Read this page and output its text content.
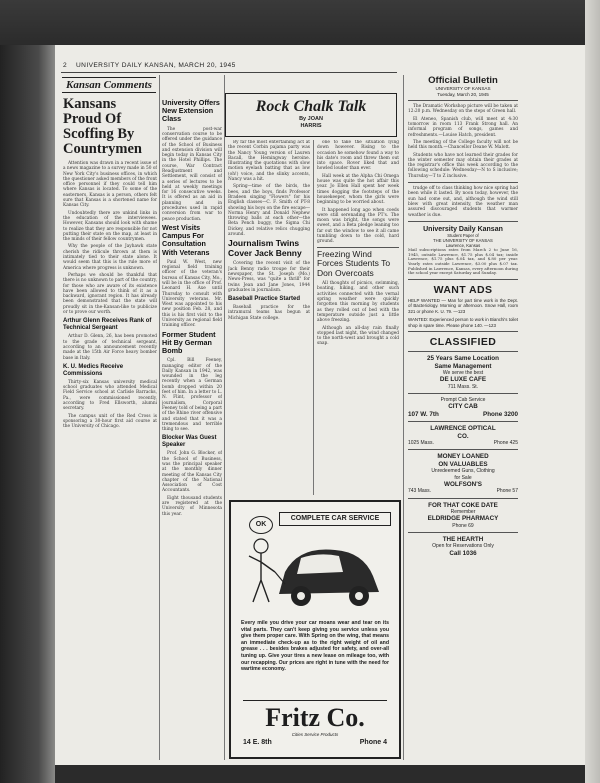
2 UNIVERSITY DAILY KANSAN, MARCH 20, 1945
Kansan Comments
Kansans Proud Of Scoffing By Countrymen

Attention was drawn in a recent issue of a news magazine to a survey made in 50 of New York City's business offices, in which the questioner asked members of the front office personnel if they could tell him where Kansas is located. To some of the easterners, Kansas is a person, others felt sure that Kansas is a shortened name for Kansas City.

Undoubtedly there are unkind links in the education of the interviewees. However, Kansans should look with shame to realize that they are responsible for not putting their state on the map, at least in the minds of their fellow countrymen.

Why the people of the Jayhawk state cherish the ridicule thrown at them is intimately tied to their state alone. It would seem that this is the rule more of America where progress is unknown.

Perhaps we should be thankful that there is no unknown to part of the country, for those who are aware of its existence have been allowed to think of it as a backward, ignorant region. It has already been demonstrated that the state will proudly sit in the-Kansan-like to publicize or to prove our worth.

Arthur Glenn Receives Rank of Technical Sergeant

Arthur D. Glenn, 26, has been promoted to the grade of technical sergeant, according to an announcement recently made at the 15th Air Force heavy bomber base in Italy.

K. U. Medics Receive Commissions

Thirty-six Kansas university medical school graduates who attended Medical Field Service school at Carlisle Barracks, Pa., were commissioned recently, according to Fred Ellsworth, alumni secretary.

The campus unit of the Red Cross is sponsoring a 30-hour first aid course at the University of Chicago.

University Offers New Extension Class

The post-war conservation course to be offered under the guidance of the School of Business and extension division will begin today in Kansas City in the Hotel Phillips. The course, War Contract Readjustment and Settlement, will consist of a series of lectures to be held at weekly meetings for 16 consecutive weeks. It is offered as an aid in planning and in procedures used in rapid conversion from war to peace production.

West Visits Campus For Consultation With Veterans

Paul W. West, new regional field training officer of the veteran's bureau of Kansas City, Mo., will be in the office of Prof. Leonard H. Axe until Thursday to consult with University veterans. Mr. West was appointed to his new position Feb. 28, and this is his first visit to the University as regional field training officer.

Former Student Hit By German Bomb

Cpl. Bill Feeney, managing editor of the Daily Kansan in 1942, was wounded in the leg recently when a German bomb dropped within 20 feet of him. In a letter to L. N. Flint, professor of journalism, Corporal Feeney told of being a part of the Rhine river offensive and stated that it was a tremendous and terrible thing to see.

Blocker Was Guest Speaker

Prof. John G. Blocker, of the School of Business, was the principal speaker at the monthly dinner meeting of the Kansas City chapter of the National Association of Cost Accountants.

Eight thousand students are registered at the University of Minnesota this year.

Rock Chalk Talk
By JOAN
HARRIS

By far the most entertaining act at the recent Corbin pajama party was the Nancy Young version of Lauren Bacall, the Hemingway heroine. Illustrating the quotations with slow motion eyelash batting that as low (oh!) voice, and the slinky accents, Nancy was a hit.

Spring—time of the birds, the bees, and the boys, finds Professor Bradeen singing "Flowers" for his English classes—C. F. Smith of PT-8 showing his boys on the fire escape—Norma Henry and Donald Nephew throwing balls at each other—the Beta Pench buggy, the Sigma Chi Dickey, and relative relics chugging around.

Journalism Twins Cover Jack Benny

Covering the recent visit of the Jack Benny radio troupe for their newspaper, the St. Joseph (Mo.) News-Press, was "quite a thrill" for twins Jean and Jane Jones, 1944 graduates in journalism.

Baseball Practice Started

Baseball practice for the intramural teams has begun at Michigan State college.

one to take the situation lying down however. Rising to the occasion he somehow found a way to his date's room and threw them out into space. Rover liked that and howled louder than ever.

Hall week at the Alpha Chi Omega house was quite the hot affair this year. Jo Ellen Hall spent her week times dogging the footsteps of the housekeeper, whom the girls were beginning to be worried about.

It happened long ago when coeds were still serenading the PT's. The moon was bright, the songs were sweet, and a Beta pledge leaning too far out the window to see it all came tumbling down to the cold, hard ground.

Freezing Wind Forces Students To Don Overcoats

All thoughts of picnics, swimming, boating, hiking, and other such activities connected with the vernal spring weather were quickly forgotten this morning by students as they rolled out of bed with the temperature outside just a little above freezing.

Although an all-day rain finally stopped last night, the wind changed to the north-west and brought a cold snap.

OK
COMPLETE CAR SERVICE
Every mile you drive your car moans wear and tear on its vital parts. They can't keep giving you service unless you give them proper care. With Spring on the wing, that means an immediate check-up as to the right weight of oil and grease . . . besides brakes adjusted for safety, and over-all tuning up. Give your tires a new lease on mileage too, with our recapping. Our prices are right in tune with the need for wartime economy.
Fritz Co.
Cities Service Products
14 E. 8th	Phone 4
Official Bulletin
UNIVERSITY OF KANSAS
Tuesday, March 20, 1945

The Dramatic Workshop picture will be taken at 12:20 p.m. Wednesday on the steps of Green hall.

El Ateneo, Spanish club, will meet at 4:30 tomorrow in room 113 Frank Strong hall. An informal program of songs, games and refreshments.—Louise Hatch, president.

The meeting of the College faculty will not be held this month.—Chancellor Deane W. Malott.

Students who have not learned their grades for the winter semester may obtain their grades at the registrar's office this week according to the following schedule: Wednesday—N to S inclusive; Thursday—T to Z inclusive.

trudge off to class thinking how nice spring had been while it lasted. By noon today, however, the sun had come out, and, although the wind still blew with great intensity, the weather man assured discouraged students that warmer weather is due.

University Daily Kansan
Student Paper of
THE UNIVERSITY OF KANSAS
Lawrence, Kansas

Mail subscriptions rates from March 2 to June 16, 1945, outside Lawrence, $1.75 plus $.04 tax; inside Lawrence, $1.75 plus $.04 tax, and $.80 per year. Yearly rates outside Lawrence, $3.00 plus $.07 tax. Published in Lawrence, Kansas, every afternoon during the school year except Saturday and Sunday.

WANT ADS

HELP WANTED — Man for part time work in the Dept. of Bacteriology. Morning or afternoon. Snow Hall, room 321 or phone K. U. 79. —123

WANTED: Experienced person to work in Bianchi's toilet shop in spare time. Please phone 140. —123

CLASSIFIED
25 Years Same Location
Same Management
We serve the best
DE LUXE CAFE
711 Mass. St.
Prompt Cab Service
CITY CAB
107 W. 7th	Phone 3200
LAWRENCE OPTICAL
CO.
1025 Mass.	Phone 425
MONEY LOANED
ON VALUABLES
Unredeemed Guns, Clothing
for Sale
WOLFSON'S
743 Mass.	Phone 57
FOR THAT COKE DATE
Remember
ELDRIDGE PHARMACY
Phone 69
THE HEARTH
Open for Reservations Only
Call 1036
